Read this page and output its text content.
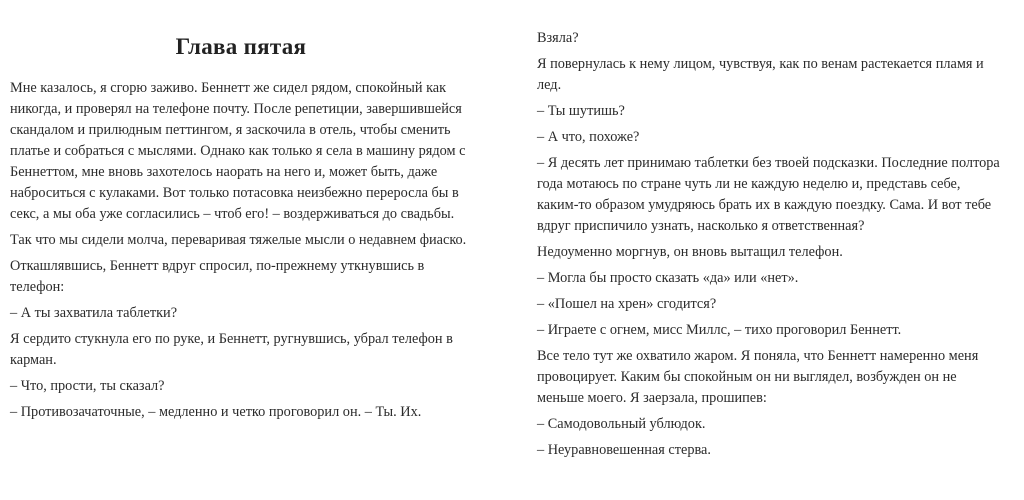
Глава пятая

Мне казалось, я сгорю заживо. Беннетт же сидел рядом, спокойный как никогда, и проверял на телефоне почту. После репетиции, завершившейся скандалом и прилюдным петтингом, я заскочила в отель, чтобы сменить платье и собраться с мыслями. Однако как только я села в машину рядом с Беннеттом, мне вновь захотелось наорать на него и, может быть, даже наброситься с кулаками. Вот только потасовка неизбежно переросла бы в секс, а мы оба уже согласились – чтоб его! – воздерживаться до свадьбы.

Так что мы сидели молча, переваривая тяжелые мысли о недавнем фиаско.

Откашлявшись, Беннетт вдруг спросил, по-прежнему уткнувшись в телефон:

– А ты захватила таблетки?

Я сердито стукнула его по руке, и Беннетт, ругнувшись, убрал телефон в карман.

– Что, прости, ты сказал?

– Противозачаточные, – медленно и четко проговорил он. – Ты. Их.

Взяла?

Я повернулась к нему лицом, чувствуя, как по венам растекается пламя и лед.

– Ты шутишь?

– А что, похоже?

– Я десять лет принимаю таблетки без твоей подсказки. Последние полтора года мотаюсь по стране чуть ли не каждую неделю и, представь себе, каким-то образом умудряюсь брать их в каждую поездку. Сама. И вот тебе вдруг приспичило узнать, насколько я ответственная?

Недоуменно моргнув, он вновь вытащил телефон.

– Могла бы просто сказать «да» или «нет».

– «Пошел на хрен» сгодится?

– Играете с огнем, мисс Миллс, – тихо проговорил Беннетт.

Все тело тут же охватило жаром. Я поняла, что Беннетт намеренно меня провоцирует. Каким бы спокойным он ни выглядел, возбужден он не меньше моего. Я заерзала, прошипев:

– Самодовольный ублюдок.

– Неуравновешенная стерва.
